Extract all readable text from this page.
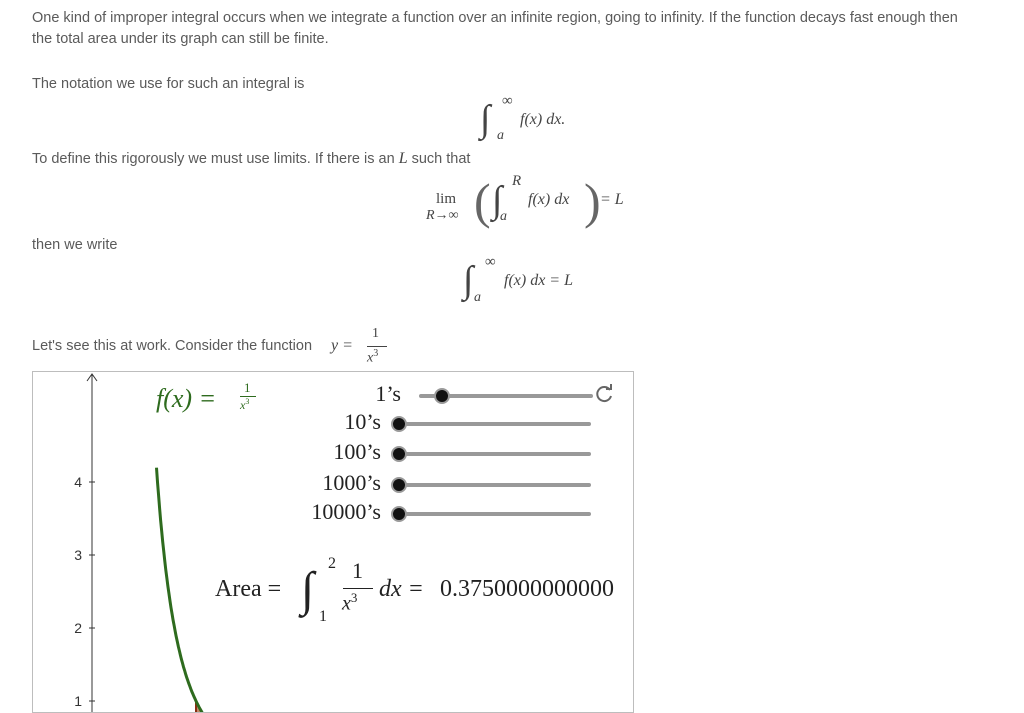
One kind of improper integral occurs when we integrate a function over an infinite region, going to infinity. If the function decays fast enough then
the total area under its graph can still be finite.
The notation we use for such an integral is
∫ ∞
a
f(x) dx.
To define this rigorously we must use limits. If there is an L such that
lim
R→∞ ( ∫ R
a
f(x) dx ) = L
then we write
∫ ∞
a
f(x) dx = L
Let's see this at work. Consider the function y =
1
$x^3$
4
3
2
1
f(x) = 1
$x^3$	1’s
10’s
100’s
1000’s
10000’s
Area = ∫ 2
1
1
$x^3$ dx = 0.3750000000000
